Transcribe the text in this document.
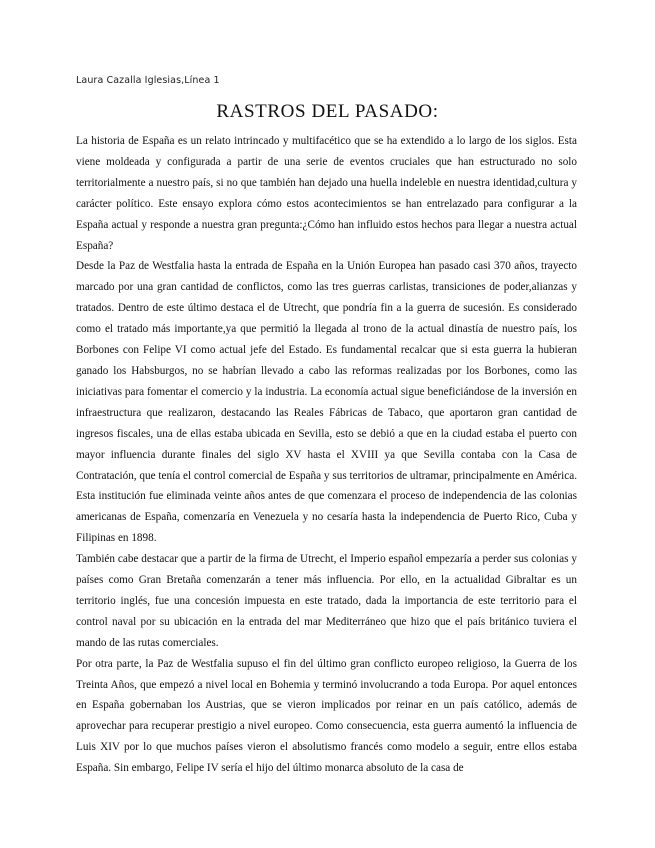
Laura Cazalla Iglesias,Línea 1
RASTROS DEL PASADO:

La historia de España es un relato intrincado y multifacético que se ha extendido a lo largo de los siglos. Esta viene moldeada y configurada a partir de una serie de eventos cruciales que han estructurado no solo territorialmente a nuestro país, si no que también han dejado una huella indeleble en nuestra identidad,cultura y carácter político. Este ensayo explora cómo estos acontecimientos se han entrelazado para configurar a la España actual y responde a nuestra gran pregunta:¿Cómo han influido estos hechos para llegar a nuestra actual España?

Desde la Paz de Westfalia hasta la entrada de España en la Unión Europea han pasado casi 370 años, trayecto marcado por una gran cantidad de conflictos, como las tres guerras carlistas, transiciones de poder,alianzas y tratados. Dentro de este último destaca el de Utrecht, que pondría fin a la guerra de sucesión. Es considerado como el tratado más importante,ya que permitió la llegada al trono de la actual dinastía de nuestro país, los Borbones con Felipe VI como actual jefe del Estado. Es fundamental recalcar que si esta guerra la hubieran ganado los Habsburgos, no se habrían llevado a cabo las reformas realizadas por los Borbones, como las iniciativas para fomentar el comercio y la industria. La economía actual sigue beneficiándose de la inversión en infraestructura que realizaron, destacando las Reales Fábricas de Tabaco, que aportaron gran cantidad de ingresos fiscales, una de ellas estaba ubicada en Sevilla, esto se debió a que en la ciudad estaba el puerto con mayor influencia durante finales del siglo XV hasta el XVIII ya que Sevilla contaba con la Casa de Contratación, que tenía el control comercial de España y sus territorios de ultramar, principalmente en América. Esta institución fue eliminada veinte años antes de que comenzara el proceso de independencia de las colonias americanas de España, comenzaría en Venezuela y no cesaría hasta la independencia de Puerto Rico, Cuba y Filipinas en 1898.

También cabe destacar que a partir de la firma de Utrecht, el Imperio español empezaría a perder sus colonias y países como Gran Bretaña comenzarán a tener más influencia. Por ello, en la actualidad Gibraltar es un territorio inglés, fue una concesión impuesta en este tratado, dada la importancia de este territorio para el control naval por su ubicación en la entrada del mar Mediterráneo que hizo que el país británico tuviera el mando de las rutas comerciales.

Por otra parte, la Paz de Westfalia supuso el fin del último gran conflicto europeo religioso, la Guerra de los Treinta Años, que empezó a nivel local en Bohemia y terminó involucrando a toda Europa. Por aquel entonces en España gobernaban los Austrias, que se vieron implicados por reinar en un país católico, además de aprovechar para recuperar prestigio a nivel europeo. Como consecuencia, esta guerra aumentó la influencia de Luis XIV por lo que muchos países vieron el absolutismo francés como modelo a seguir, entre ellos estaba España. Sin embargo, Felipe IV sería el hijo del último monarca absoluto de la casa de
